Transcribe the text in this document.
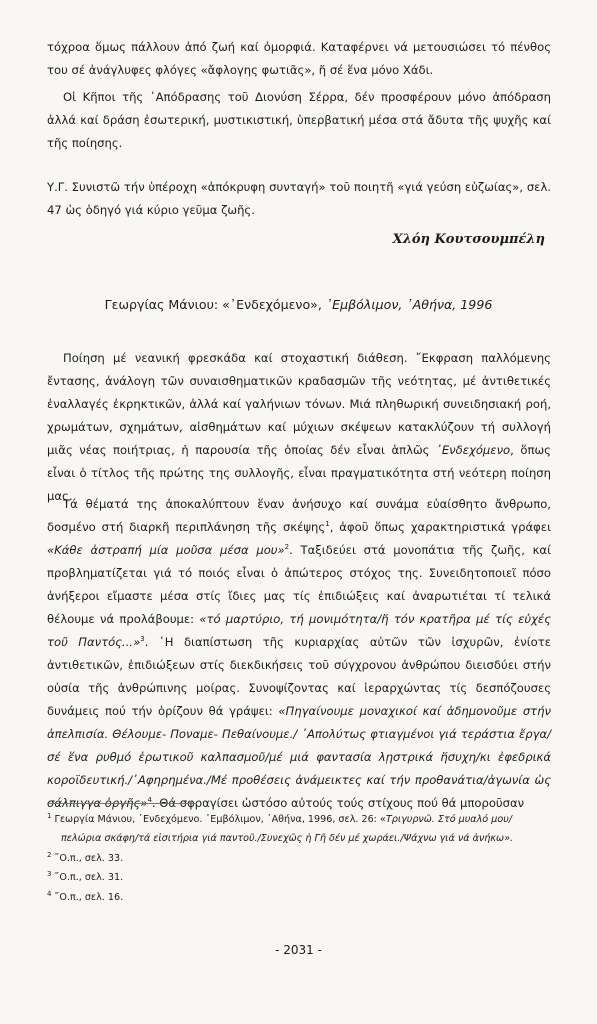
τόχροα ὅμως πάλλουν ἀπό ζωή καί ὀμορφιά. Καταφέρνει νά μετουσιώσει τό πένθος του σέ ἀνάγλυφες φλόγες «ἄφλογης φωτιᾶς», ἤ σέ ἕνα μόνο Χάδι.

Οἱ Κῆποι τῆς ᾿Απόδρασης τοῦ Διονύση Σέρρα, δέν προσφέρουν μόνο ἀπόδραση ἀλλά καί δράση ἐσωτερική, μυστικιστική, ὑπερβατική μέσα στά ἄδυτα τῆς ψυχῆς καί τῆς ποίησης.

Υ.Γ. Συνιστῶ τήν ὑπέροχη «ἀπόκρυφη συνταγή» τοῦ ποιητῆ «γιά γεύση εὐζωίας», σελ. 47 ὡς ὁδηγό γιά κύριο γεῦμα ζωῆς.

Χλόη Κουτσουμπέλη
Γεωργίας Μάνιου: «᾿Ενδεχόμενο», ᾿Εμβόλιμον, ᾿Αθήνα, 1996

Ποίηση μέ νεανική φρεσκάδα καί στοχαστική διάθεση. ῎Εκφραση παλλόμενης ἔντασης, ἀνάλογη τῶν συναισθηματικῶν κραδασμῶν τῆς νεότητας, μέ ἀντιθετικές ἐναλλαγές ἐκρηκτικῶν, ἀλλά καί γαλήνιων τόνων. Μιά πληθωρική συνειδησιακή ροή, χρωμάτων, σχημάτων, αἰσθημάτων καί μύχιων σκέψεων κατακλύζουν τή συλλογή μιᾶς νέας ποιήτριας, ἡ παρουσία τῆς ὁποίας δέν εἶναι ἁπλῶς ᾿Ενδεχόμενο, ὅπως εἶναι ὁ τίτλος τῆς πρώτης της συλλογῆς, εἶναι πραγματικότητα στή νεότερη ποίηση μας.

Τά θέματά της ἀποκαλύπτουν ἕναν ἀνήσυχο καί συνάμα εὐαίσθητο ἄνθρωπο, δοσμένο στή διαρκῆ περιπλάνηση τῆς σκέψης$^1$, ἀφοῦ ὅπως χαρακτηριστικά γράφει «Κάθε ἀστραπή μία μοῦσα μέσα μου»$^2$. Ταξιδεύει στά μονοπάτια τῆς ζωῆς, καί προβληματίζεται γιά τό ποιός εἶναι ὁ ἀπώτερος στόχος της. Συνειδητοποιεῖ πόσο ἀνήξεροι εἴμαστε μέσα στίς ἴδιες μας τίς ἐπιδιώξεις καί ἀναρωτιέται τί τελικά θέλουμε νά προλάβουμε: «τό μαρτύριο, τή μονιμότητα/ἤ τόν κρατῆρα μέ τίς εὐχές τοῦ Παντός...»$^3$. ῾Η διαπίστωση τῆς κυριαρχίας αὐτῶν τῶν ἰσχυρῶν, ἐνίοτε ἀντιθετικῶν, ἐπιδιώξεων στίς διεκδικήσεις τοῦ σύγχρονου ἀνθρώπου διεισδύει στήν οὐσία τῆς ἀνθρώπινης μοίρας. Συνοψίζοντας καί ἱεραρχώντας τίς δεσπόζουσες δυνάμεις πού τήν ὁρίζουν θά γράψει: «Πηγαίνουμε μοναχικοί καί ἀδημονοῦμε στήν ἀπελπισία. Θέλουμε- Ποναμε- Πεθαίνουμε./ ᾿Απολύτως φτιαγμένοι γιά τεράστια ἔργα/σέ ἕνα ρυθμό ἐρωτικοῦ καλπασμοῦ/μέ μιά φαντασία λῃστρικά ἥσυχη/κι ἐφεδρικά κοροϊδευτική./᾿Αφηρημένα./Μέ προθέσεις ἀνάμεικτες καί τήν προθανάτια/ἀγωνία ὡς σάλπιγγα ὀργῆς»$^4$. Θά σφραγίσει ὡστόσο αὐτούς τούς στίχους πού θά μποροῦσαν

$^1$ Γεωργία Μάνιου, ᾿Ενδεχόμενο. ᾿Εμβόλιμον, ᾿Αθήνα, 1996, σελ. 26: «Τριγυρνῶ. Στό μυαλό μου/πελώρια σκάφη/τά εἰσιτήρια γιά παντοῦ./Συνεχῶς ἡ Γῆ δέν μέ χωράει./Ψάχνω γιά νά ἀνήκω».

$^2$ ῎Ο.π., σελ. 33.

$^3$ ῎Ο.π., σελ. 31.

$^4$ ῎Ο.π., σελ. 16.

- 2031 -
